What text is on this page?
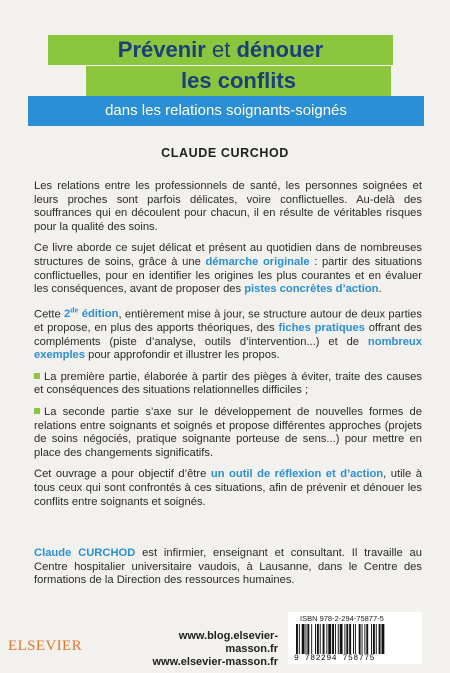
Prévenir et dénouer
les conflits
dans les relations soignants-soignés
CLAUDE CURCHOD

Les relations entre les professionnels de santé, les personnes soignées et leurs proches sont parfois délicates, voire conflictuelles. Au-delà des souffrances qui en découlent pour chacun, il en résulte de véritables risques pour la qualité des soins.

Ce livre aborde ce sujet délicat et présent au quotidien dans de nombreuses structures de soins, grâce à une démarche originale : partir des situations conflictuelles, pour en identifier les origines les plus courantes et en évaluer les conséquences, avant de proposer des pistes concrètes d’action.

Cette 2de édition, entièrement mise à jour, se structure autour de deux parties et propose, en plus des apports théoriques, des fiches pratiques offrant des compléments (piste d’analyse, outils d’intervention...) et de nombreux exemples pour approfondir et illustrer les propos.

La première partie, élaborée à partir des pièges à éviter, traite des causes et conséquences des situations relationnelles difficiles ;

La seconde partie s’axe sur le développement de nouvelles formes de relations entre soignants et soignés et propose différentes approches (projets de soins négociés, pratique soignante porteuse de sens...) pour mettre en place des changements significatifs.

Cet ouvrage a pour objectif d’être un outil de réflexion et d’action, utile à tous ceux qui sont confrontés à ces situations, afin de prévenir et dénouer les conflits entre soignants et soignés.

Claude CURCHOD est infirmier, enseignant et consultant. Il travaille au Centre hospitalier universitaire vaudois, à Lausanne, dans le Centre des formations de la Direction des ressources humaines.
ELSEVIER
www.blog.elsevier-masson.fr
www.elsevier-masson.fr
ISBN 978-2-294-75877-5
9 782294 758775
